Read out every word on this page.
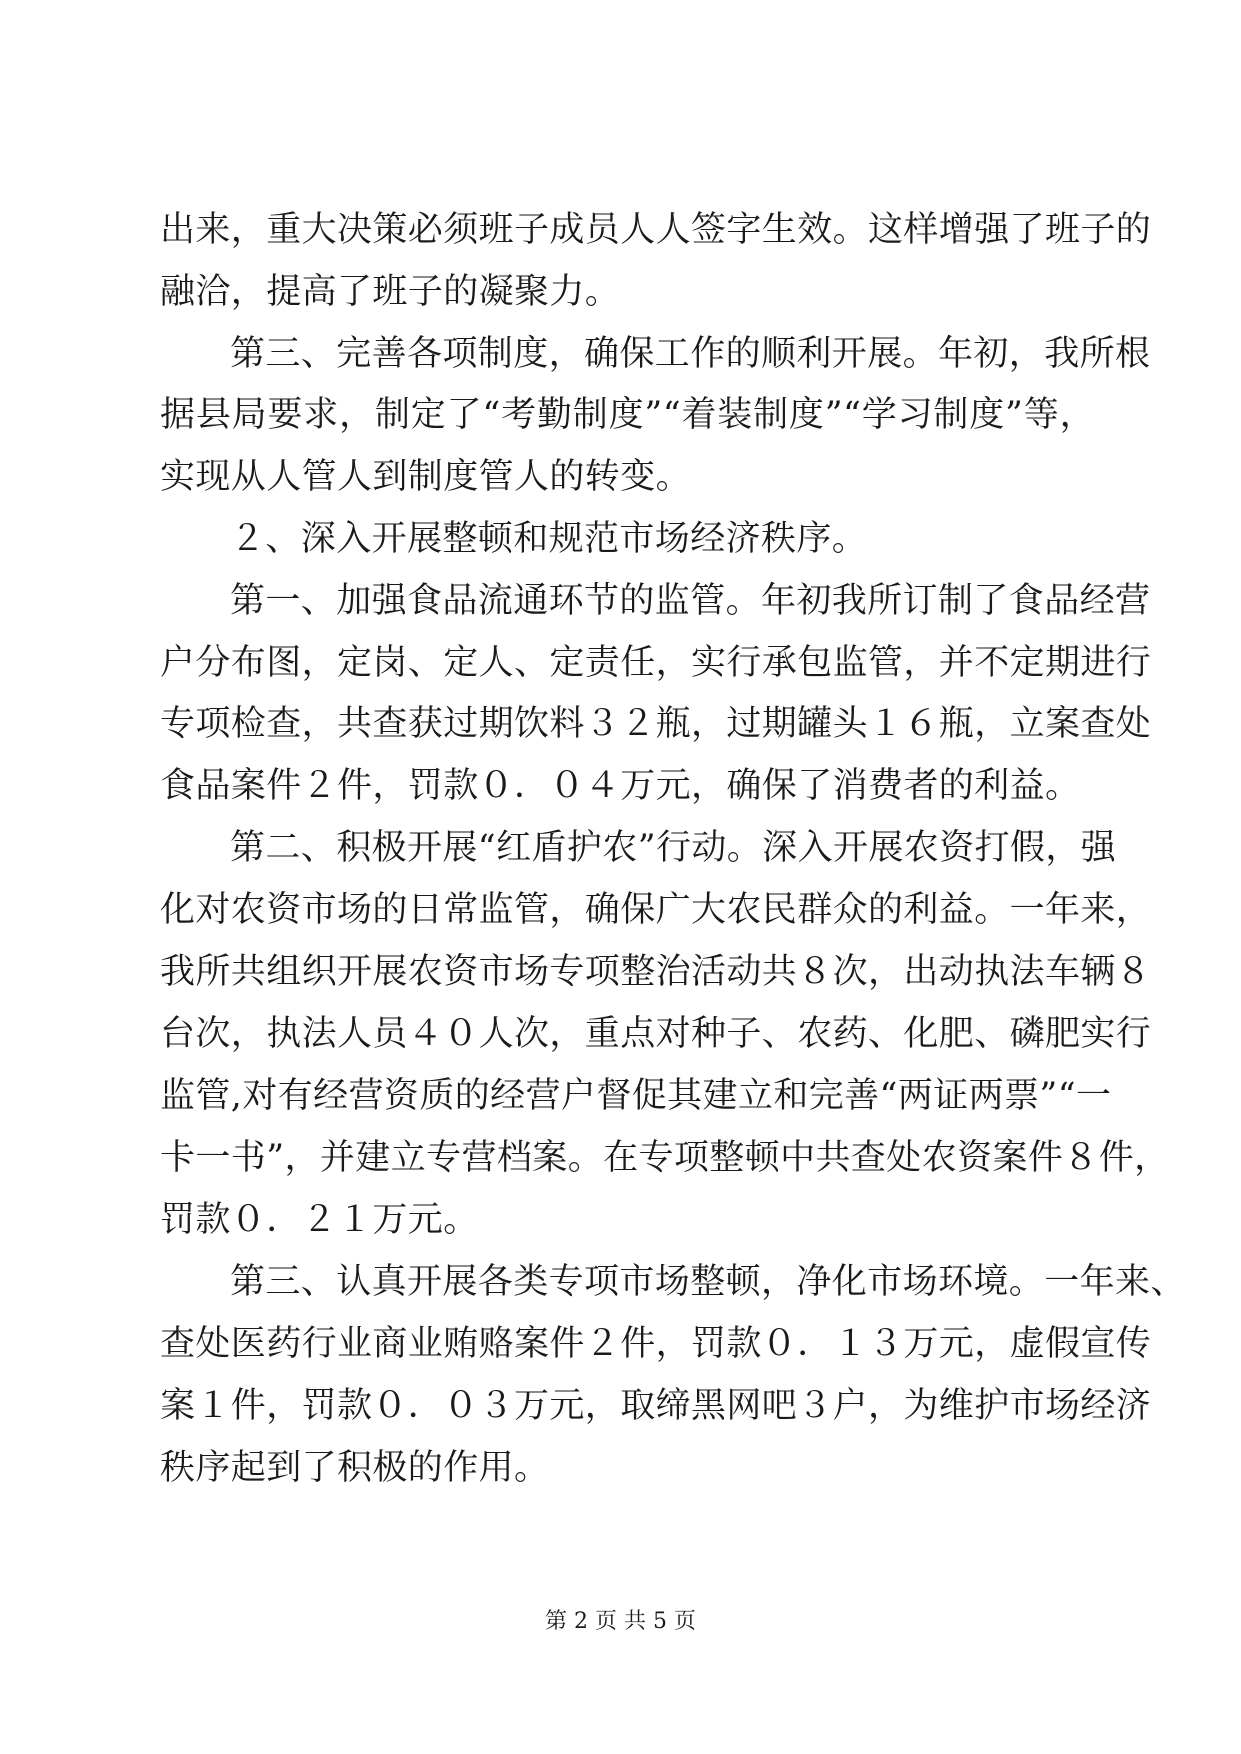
出来，重大决策必须班子成员人人签字生效。这样增强了班子的
融洽，提高了班子的凝聚力。
第三、完善各项制度，确保工作的顺利开展。年初，我所根
据县局要求，制定了“考勤制度”“着装制度”“学习制度”等，
实现从人管人到制度管人的转变。
２、深入开展整顿和规范市场经济秩序。
第一、加强食品流通环节的监管。年初我所订制了食品经营
户分布图，定岗、定人、定责任，实行承包监管，并不定期进行
专项检查，共查获过期饮料３２瓶，过期罐头１６瓶，立案查处
食品案件２件，罚款０．０４万元，确保了消费者的利益。
第二、积极开展“红盾护农”行动。深入开展农资打假，强
化对农资市场的日常监管，确保广大农民群众的利益。一年来，
我所共组织开展农资市场专项整治活动共８次，出动执法车辆８
台次，执法人员４０人次，重点对种子、农药、化肥、磷肥实行
监管,对有经营资质的经营户督促其建立和完善“两证两票”“一
卡一书”，并建立专营档案。在专项整顿中共查处农资案件８件，
罚款０．２１万元。
第三、认真开展各类专项市场整顿，净化市场环境。一年来、
查处医药行业商业贿赂案件２件，罚款０．１３万元，虚假宣传
案１件，罚款０．０３万元，取缔黑网吧３户，为维护市场经济
秩序起到了积极的作用。
第 2 页 共 5 页
